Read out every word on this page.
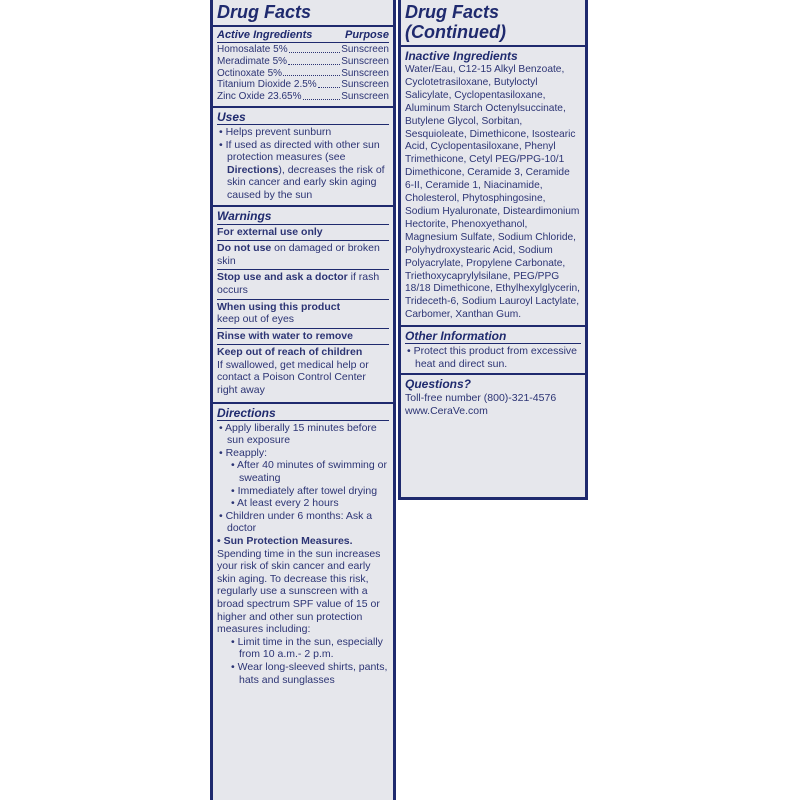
Drug Facts
Active Ingredients	Purpose
Homosalate 5%	Sunscreen
Meradimate 5%	Sunscreen
Octinoxate 5%	Sunscreen
Titanium Dioxide 2.5% Sunscreen
Zinc Oxide 23.65%	Sunscreen
Uses
• Helps prevent sunburn
• If used as directed with other sun protection measures (see Directions), decreases the risk of skin cancer and early skin aging caused by the sun
Warnings
For external use only
Do not use on damaged or broken skin
Stop use and ask a doctor if rash occurs
When using this product
keep out of eyes
Rinse with water to remove
Keep out of reach of children
If swallowed, get medical help or contact a Poison Control Center right away
Directions
• Apply liberally 15 minutes before sun exposure
• Reapply:
• After 40 minutes of swimming or sweating
• Immediately after towel drying
• At least every 2 hours
• Children under 6 months: Ask a doctor
• Sun Protection Measures.
Spending time in the sun increases your risk of skin cancer and early skin aging. To decrease this risk, regularly use a sunscreen with a broad spectrum SPF value of 15 or higher and other sun protection measures including:
• Limit time in the sun, especially from 10 a.m.- 2 p.m.
• Wear long-sleeved shirts, pants, hats and sunglasses
Drug Facts
(Continued)
Inactive Ingredients
Water/Eau, C12-15 Alkyl Benzoate, Cyclotetrasiloxane, Butyloctyl Salicylate, Cyclopentasiloxane, Aluminum Starch Octenylsuccinate, Butylene Glycol, Sorbitan, Sesquioleate, Dimethicone, Isostearic Acid, Cyclopentasiloxane, Phenyl Trimethicone, Cetyl PEG/PPG-10/1 Dimethicone, Ceramide 3, Ceramide 6-II, Ceramide 1, Niacinamide, Cholesterol, Phytosphingosine, Sodium Hyaluronate, Disteardimonium Hectorite, Phenoxyethanol, Magnesium Sulfate, Sodium Chloride, Polyhydroxystearic Acid, Sodium Polyacrylate, Propylene Carbonate, Triethoxycaprylylsilane, PEG/PPG 18/18 Dimethicone, Ethylhexylglycerin, Trideceth-6, Sodium Lauroyl Lactylate, Carbomer, Xanthan Gum.
Other Information
• Protect this product from excessive heat and direct sun.
Questions?
Toll-free number (800)-321-4576
www.CeraVe.com
